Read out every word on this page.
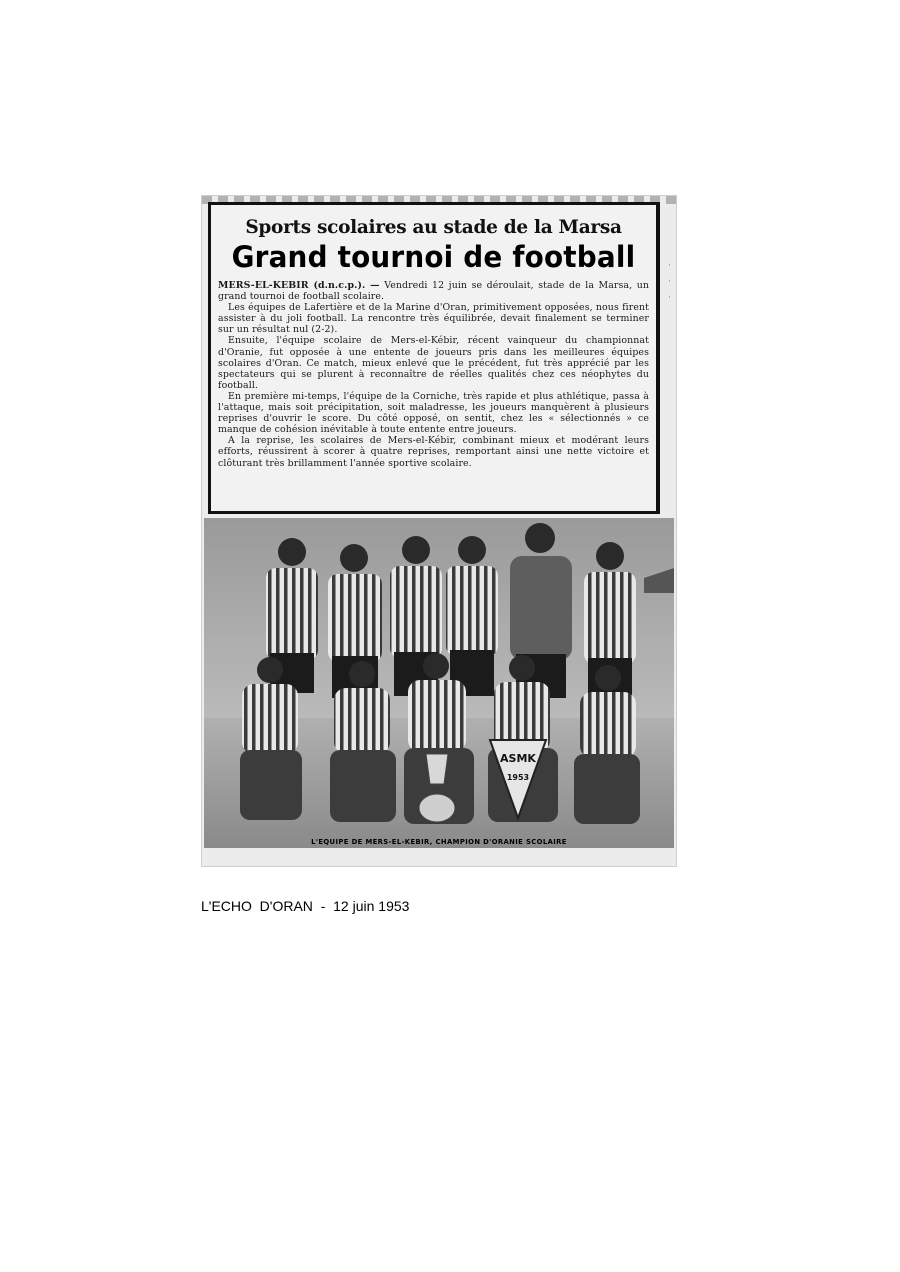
Sports scolaires au stade de la Marsa
Grand tournoi de football

MERS-EL-KEBIR (d.n.c.p.). — Vendredi 12 juin se déroulait, stade de la Marsa, un grand tournoi de football scolaire.

Les équipes de Lafertière et de la Marine d'Oran, primitivement opposées, nous firent assister à du joli football. La rencontre très équilibrée, devait finalement se terminer sur un résultat nul (2-2).

Ensuite, l'équipe scolaire de Mers-el-Kébir, récent vainqueur du championnat d'Oranie, fut opposée à une entente de joueurs pris dans les meilleures équipes scolaires d'Oran. Ce match, mieux enlevé que le précédent, fut très apprécié par les spectateurs qui se plurent à reconnaître de réelles qualités chez ces néophytes du football.

En première mi-temps, l'équipe de la Corniche, très rapide et plus athlétique, passa à l'attaque, mais soit précipitation, soit maladresse, les joueurs manquèrent à plusieurs reprises d'ouvrir le score. Du côté opposé, on sentit, chez les « sélectionnés » ce manque de cohésion inévitable à toute entente entre joueurs.

A la reprise, les scolaires de Mers-el-Kébir, combinant mieux et modérant leurs efforts, réussirent à scorer à quatre reprises, remportant ainsi une nette victoire et clôturant très brillamment l'année sportive scolaire.

ASMK
1953
L'EQUIPE DE MERS-EL-KEBIR, CHAMPION D'ORANIE SCOLAIRE
·
·
·
L'ECHO  D'ORAN  -  12 juin 1953
